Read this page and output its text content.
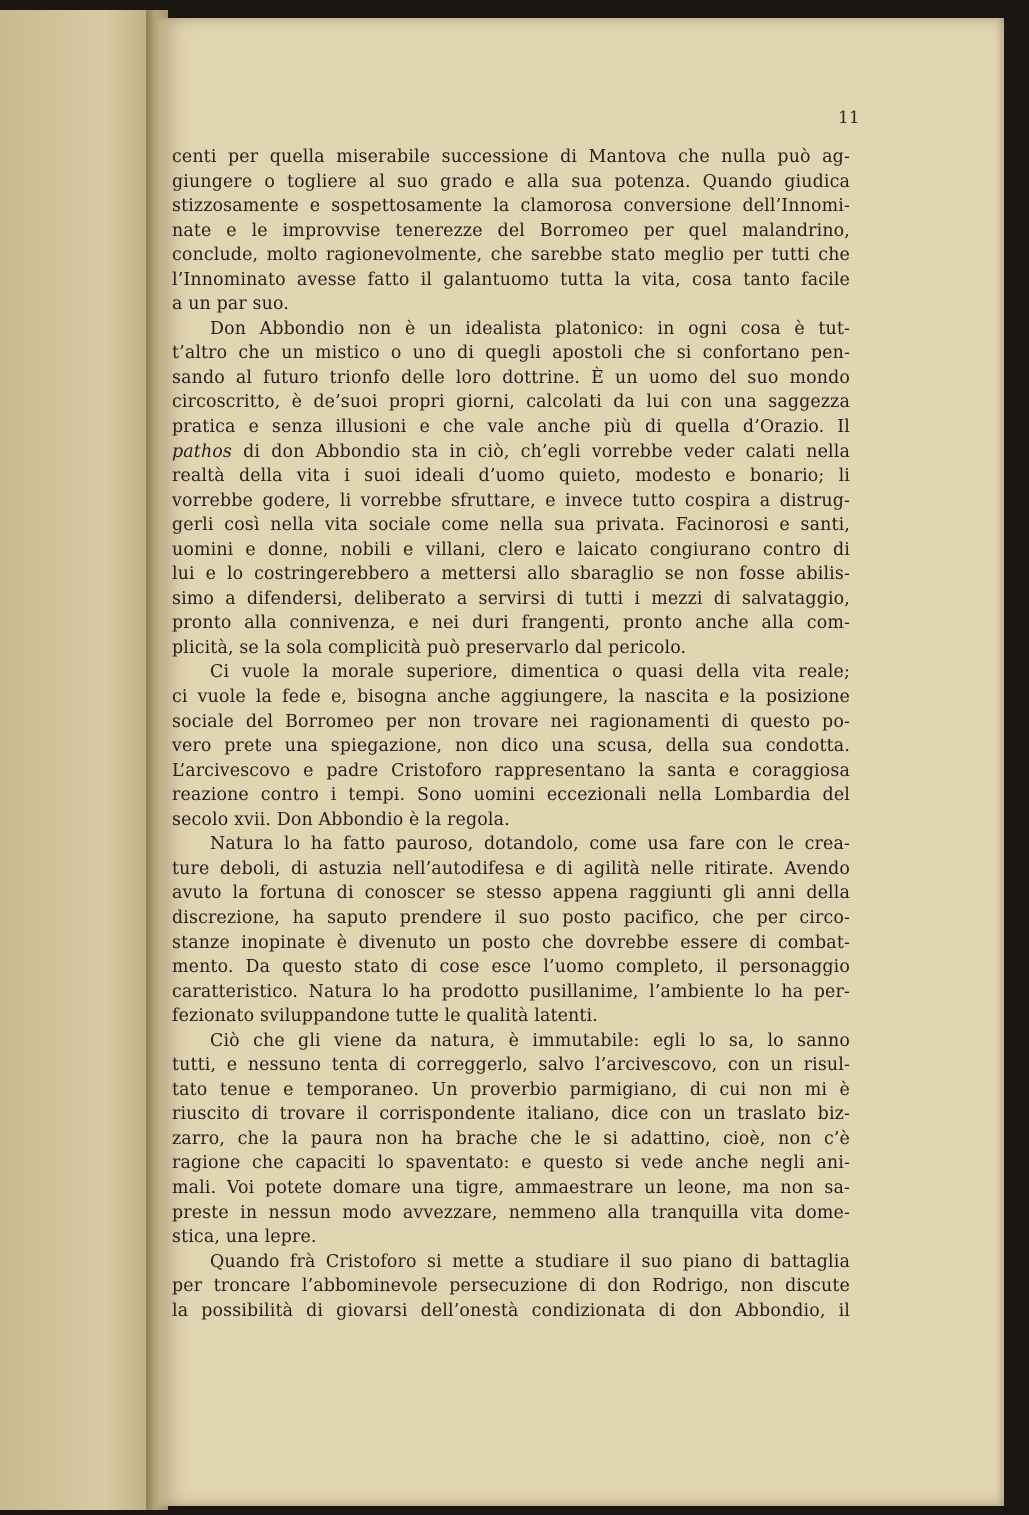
11
centi per quella miserabile successione di Mantova che nulla può ag-
giungere o togliere al suo grado e alla sua potenza. Quando giudica
stizzosamente e sospettosamente la clamorosa conversione dell’Innomi-
nate e le improvvise tenerezze del Borromeo per quel malandrino,
conclude, molto ragionevolmente, che sarebbe stato meglio per tutti che
l’Innominato avesse fatto il galantuomo tutta la vita, cosa tanto facile
a un par suo.
Don Abbondio non è un idealista platonico: in ogni cosa è tut-
t’altro che un mistico o uno di quegli apostoli che si confortano pen-
sando al futuro trionfo delle loro dottrine. È un uomo del suo mondo
circoscritto, è de’suoi propri giorni, calcolati da lui con una saggezza
pratica e senza illusioni e che vale anche più di quella d’Orazio. Il
pathos di don Abbondio sta in ciò, ch’egli vorrebbe veder calati nella
realtà della vita i suoi ideali d’uomo quieto, modesto e bonario; li
vorrebbe godere, li vorrebbe sfruttare, e invece tutto cospira a distrug-
gerli così nella vita sociale come nella sua privata. Facinorosi e santi,
uomini e donne, nobili e villani, clero e laicato congiurano contro di
lui e lo costringerebbero a mettersi allo sbaraglio se non fosse abilis-
simo a difendersi, deliberato a servirsi di tutti i mezzi di salvataggio,
pronto alla connivenza, e nei duri frangenti, pronto anche alla com-
plicità, se la sola complicità può preservarlo dal pericolo.
Ci vuole la morale superiore, dimentica o quasi della vita reale;
ci vuole la fede e, bisogna anche aggiungere, la nascita e la posizione
sociale del Borromeo per non trovare nei ragionamenti di questo po-
vero prete una spiegazione, non dico una scusa, della sua condotta.
L’arcivescovo e padre Cristoforo rappresentano la santa e coraggiosa
reazione contro i tempi. Sono uomini eccezionali nella Lombardia del
secolo xvii. Don Abbondio è la regola.
Natura lo ha fatto pauroso, dotandolo, come usa fare con le crea-
ture deboli, di astuzia nell’autodifesa e di agilità nelle ritirate. Avendo
avuto la fortuna di conoscer se stesso appena raggiunti gli anni della
discrezione, ha saputo prendere il suo posto pacifico, che per circo-
stanze inopinate è divenuto un posto che dovrebbe essere di combat-
mento. Da questo stato di cose esce l’uomo completo, il personaggio
caratteristico. Natura lo ha prodotto pusillanime, l’ambiente lo ha per-
fezionato sviluppandone tutte le qualità latenti.
Ciò che gli viene da natura, è immutabile: egli lo sa, lo sanno
tutti, e nessuno tenta di correggerlo, salvo l’arcivescovo, con un risul-
tato tenue e temporaneo. Un proverbio parmigiano, di cui non mi è
riuscito di trovare il corrispondente italiano, dice con un traslato biz-
zarro, che la paura non ha brache che le si adattino, cioè, non c’è
ragione che capaciti lo spaventato: e questo si vede anche negli ani-
mali. Voi potete domare una tigre, ammaestrare un leone, ma non sa-
preste in nessun modo avvezzare, nemmeno alla tranquilla vita dome-
stica, una lepre.
Quando frà Cristoforo si mette a studiare il suo piano di battaglia
per troncare l’abbominevole persecuzione di don Rodrigo, non discute
la possibilità di giovarsi dell’onestà condizionata di don Abbondio, il
